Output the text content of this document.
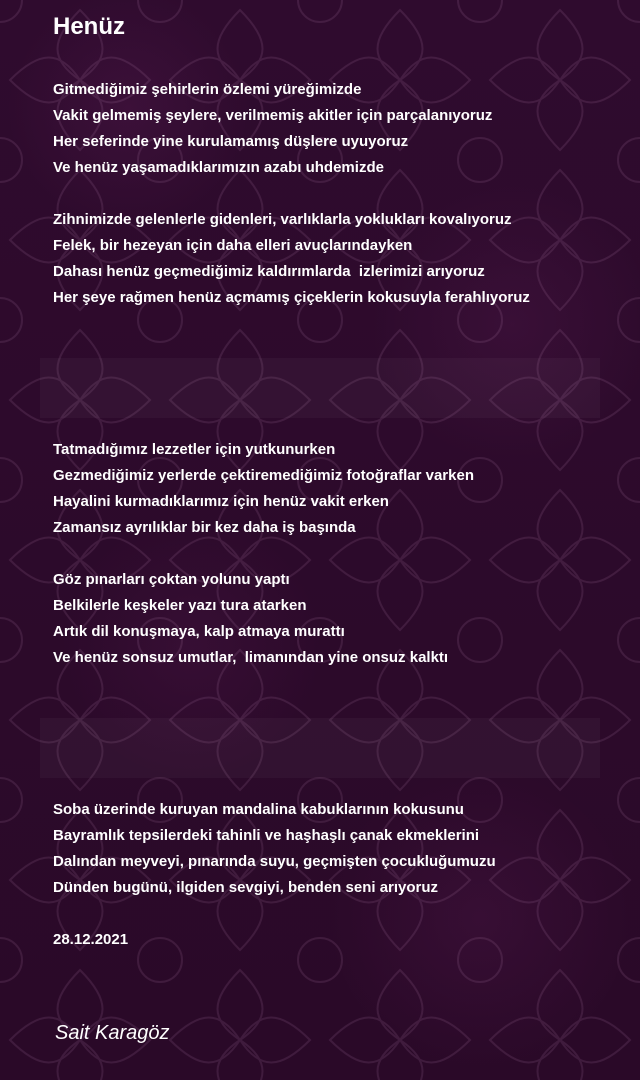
Henüz
Gitmediğimiz şehirlerin özlemi yüreğimizde
Vakit gelmemiş şeylere, verilmemiş akitler için parçalanıyoruz
Her seferinde yine kurulamamış düşlere uyuyoruz
Ve henüz yaşamadıklarımızın azabı uhdemizde
Zihnimizde gelenlerle gidenleri, varlıklarla yoklukları kovalıyoruz
Felek, bir hezeyan için daha elleri avuçlarındayken
Dahası henüz geçmediğimiz kaldırımlarda  izlerimizi arıyoruz
Her şeye rağmen henüz açmamış çiçeklerin kokusuyla ferahlıyoruz
Tatmadığımız lezzetler için yutkunurken
Gezmediğimiz yerlerde çektiremediğimiz fotoğraflar varken
Hayalini kurmadıklarımız için henüz vakit erken
Zamansız ayrılıklar bir kez daha iş başında
Göz pınarları çoktan yolunu yaptı
Belkilerle keşkeler yazı tura atarken
Artık dil konuşmaya, kalp atmaya murattı
Ve henüz sonsuz umutlar,  limanından yine onsuz kalktı
Soba üzerinde kuruyan mandalina kabuklarının kokusunu
Bayramlık tepsilerdeki tahinli ve haşhaşlı çanak ekmeklerini
Dalından meyveyi, pınarında suyu, geçmişten çocukluğumuzu
Dünden bugünü, ilgiden sevgiyi, benden seni arıyoruz
28.12.2021
Sait Karagöz
